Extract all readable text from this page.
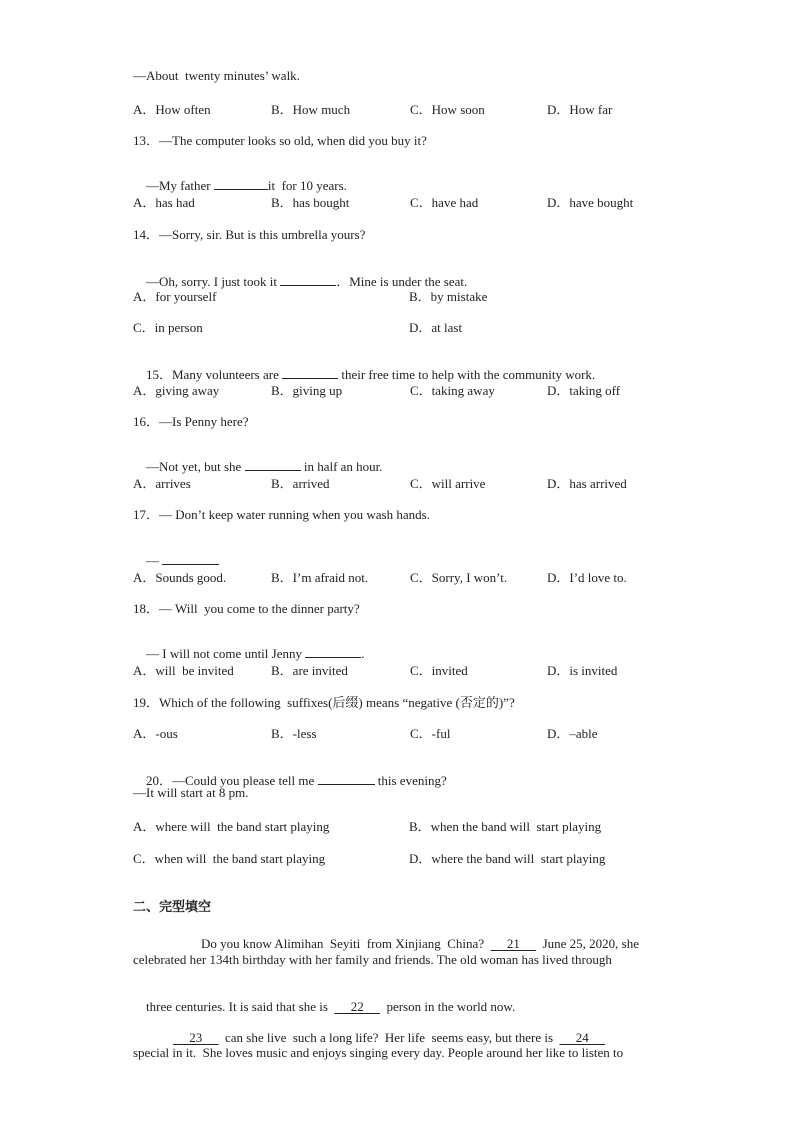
—About  twenty minutes’ walk.
A．How often	B．How much	C．How soon	D．How far
13．—The computer looks so old, when did you buy it?

—My father	it  for 10 years.

A．has had	B．has bought	C．have had	D．have bought
14．—Sorry, sir. But is this umbrella yours?

—Oh, sorry. I just took it	．Mine is under the seat.

A．for yourself	B．by mistake
C．in person	D．at last

15．Many volunteers are	their free time to help with the community work.

A．giving away	B．giving up	C．taking away	D．taking off
16．—Is Penny here?

—Not yet, but she	in half an hour.

A．arrives	B．arrived	C．will arrive	D．has arrived
17．— Don’t keep water running when you wash hands.

—

A．Sounds good.	B．I’m afraid not.	C．Sorry, I won’t.	D．I’d love to.
18．— Will  you come to the dinner party?

— I will not come until Jenny	.

A．will  be invited	B．are invited	C．invited	D．is invited
19．Which of the following  suffixes(后缀) means “negative (否定的)”?
A．-ous	B．-less	C．-ful	D．–able

20．—Could you please tell me	this evening?

—It will start at 8 pm.
A．where will  the band start playing	B．when the band will  start playing
C．when will  the band start playing	D．where the band will  start playing
二、完型填空

Do you know Alimihan  Seyiti  from Xinjiang  China?       21       June 25, 2020, she

celebrated her 134th birthday with her family and friends. The old woman has lived through

three centuries. It is said that she is       22       person in the world now.

23       can she live  such a long life?  Her life  seems easy, but there is       24

special in it.  She loves music and enjoys singing every day. People around her like to listen to
